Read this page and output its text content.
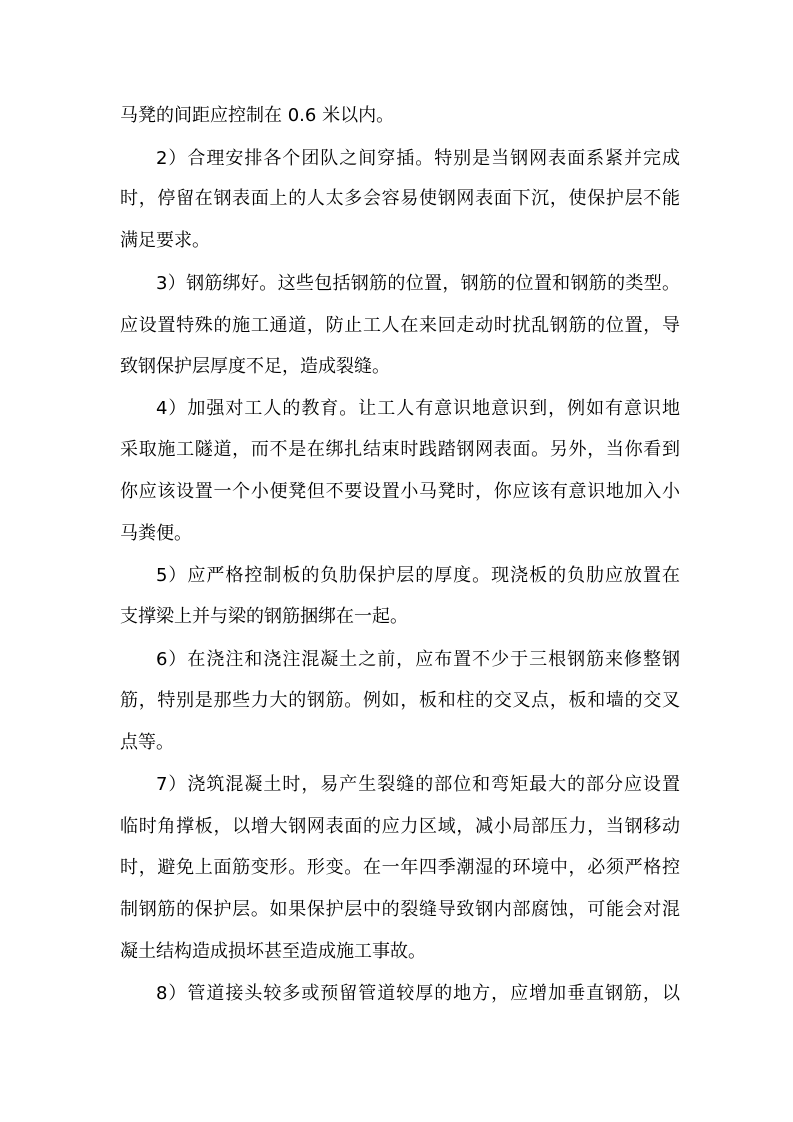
马凳的间距应控制在 0.6 米以内。
2）合理安排各个团队之间穿插。特别是当钢网表面系紧并完成
时，停留在钢表面上的人太多会容易使钢网表面下沉，使保护层不能
满足要求。
3）钢筋绑好。这些包括钢筋的位置，钢筋的位置和钢筋的类型。
应设置特殊的施工通道，防止工人在来回走动时扰乱钢筋的位置，导
致钢保护层厚度不足，造成裂缝。
4）加强对工人的教育。让工人有意识地意识到，例如有意识地
采取施工隧道，而不是在绑扎结束时践踏钢网表面。另外，当你看到
你应该设置一个小便凳但不要设置小马凳时，你应该有意识地加入小
马粪便。
5）应严格控制板的负肋保护层的厚度。现浇板的负肋应放置在
支撑梁上并与梁的钢筋捆绑在一起。
6）在浇注和浇注混凝土之前，应布置不少于三根钢筋来修整钢
筋，特别是那些力大的钢筋。例如，板和柱的交叉点，板和墙的交叉
点等。
7）浇筑混凝土时，易产生裂缝的部位和弯矩最大的部分应设置
临时角撑板，以增大钢网表面的应力区域，减小局部压力，当钢移动
时，避免上面筋变形。形变。在一年四季潮湿的环境中，必须严格控
制钢筋的保护层。如果保护层中的裂缝导致钢内部腐蚀，可能会对混
凝土结构造成损坏甚至造成施工事故。
8）管道接头较多或预留管道较厚的地方，应增加垂直钢筋，以
